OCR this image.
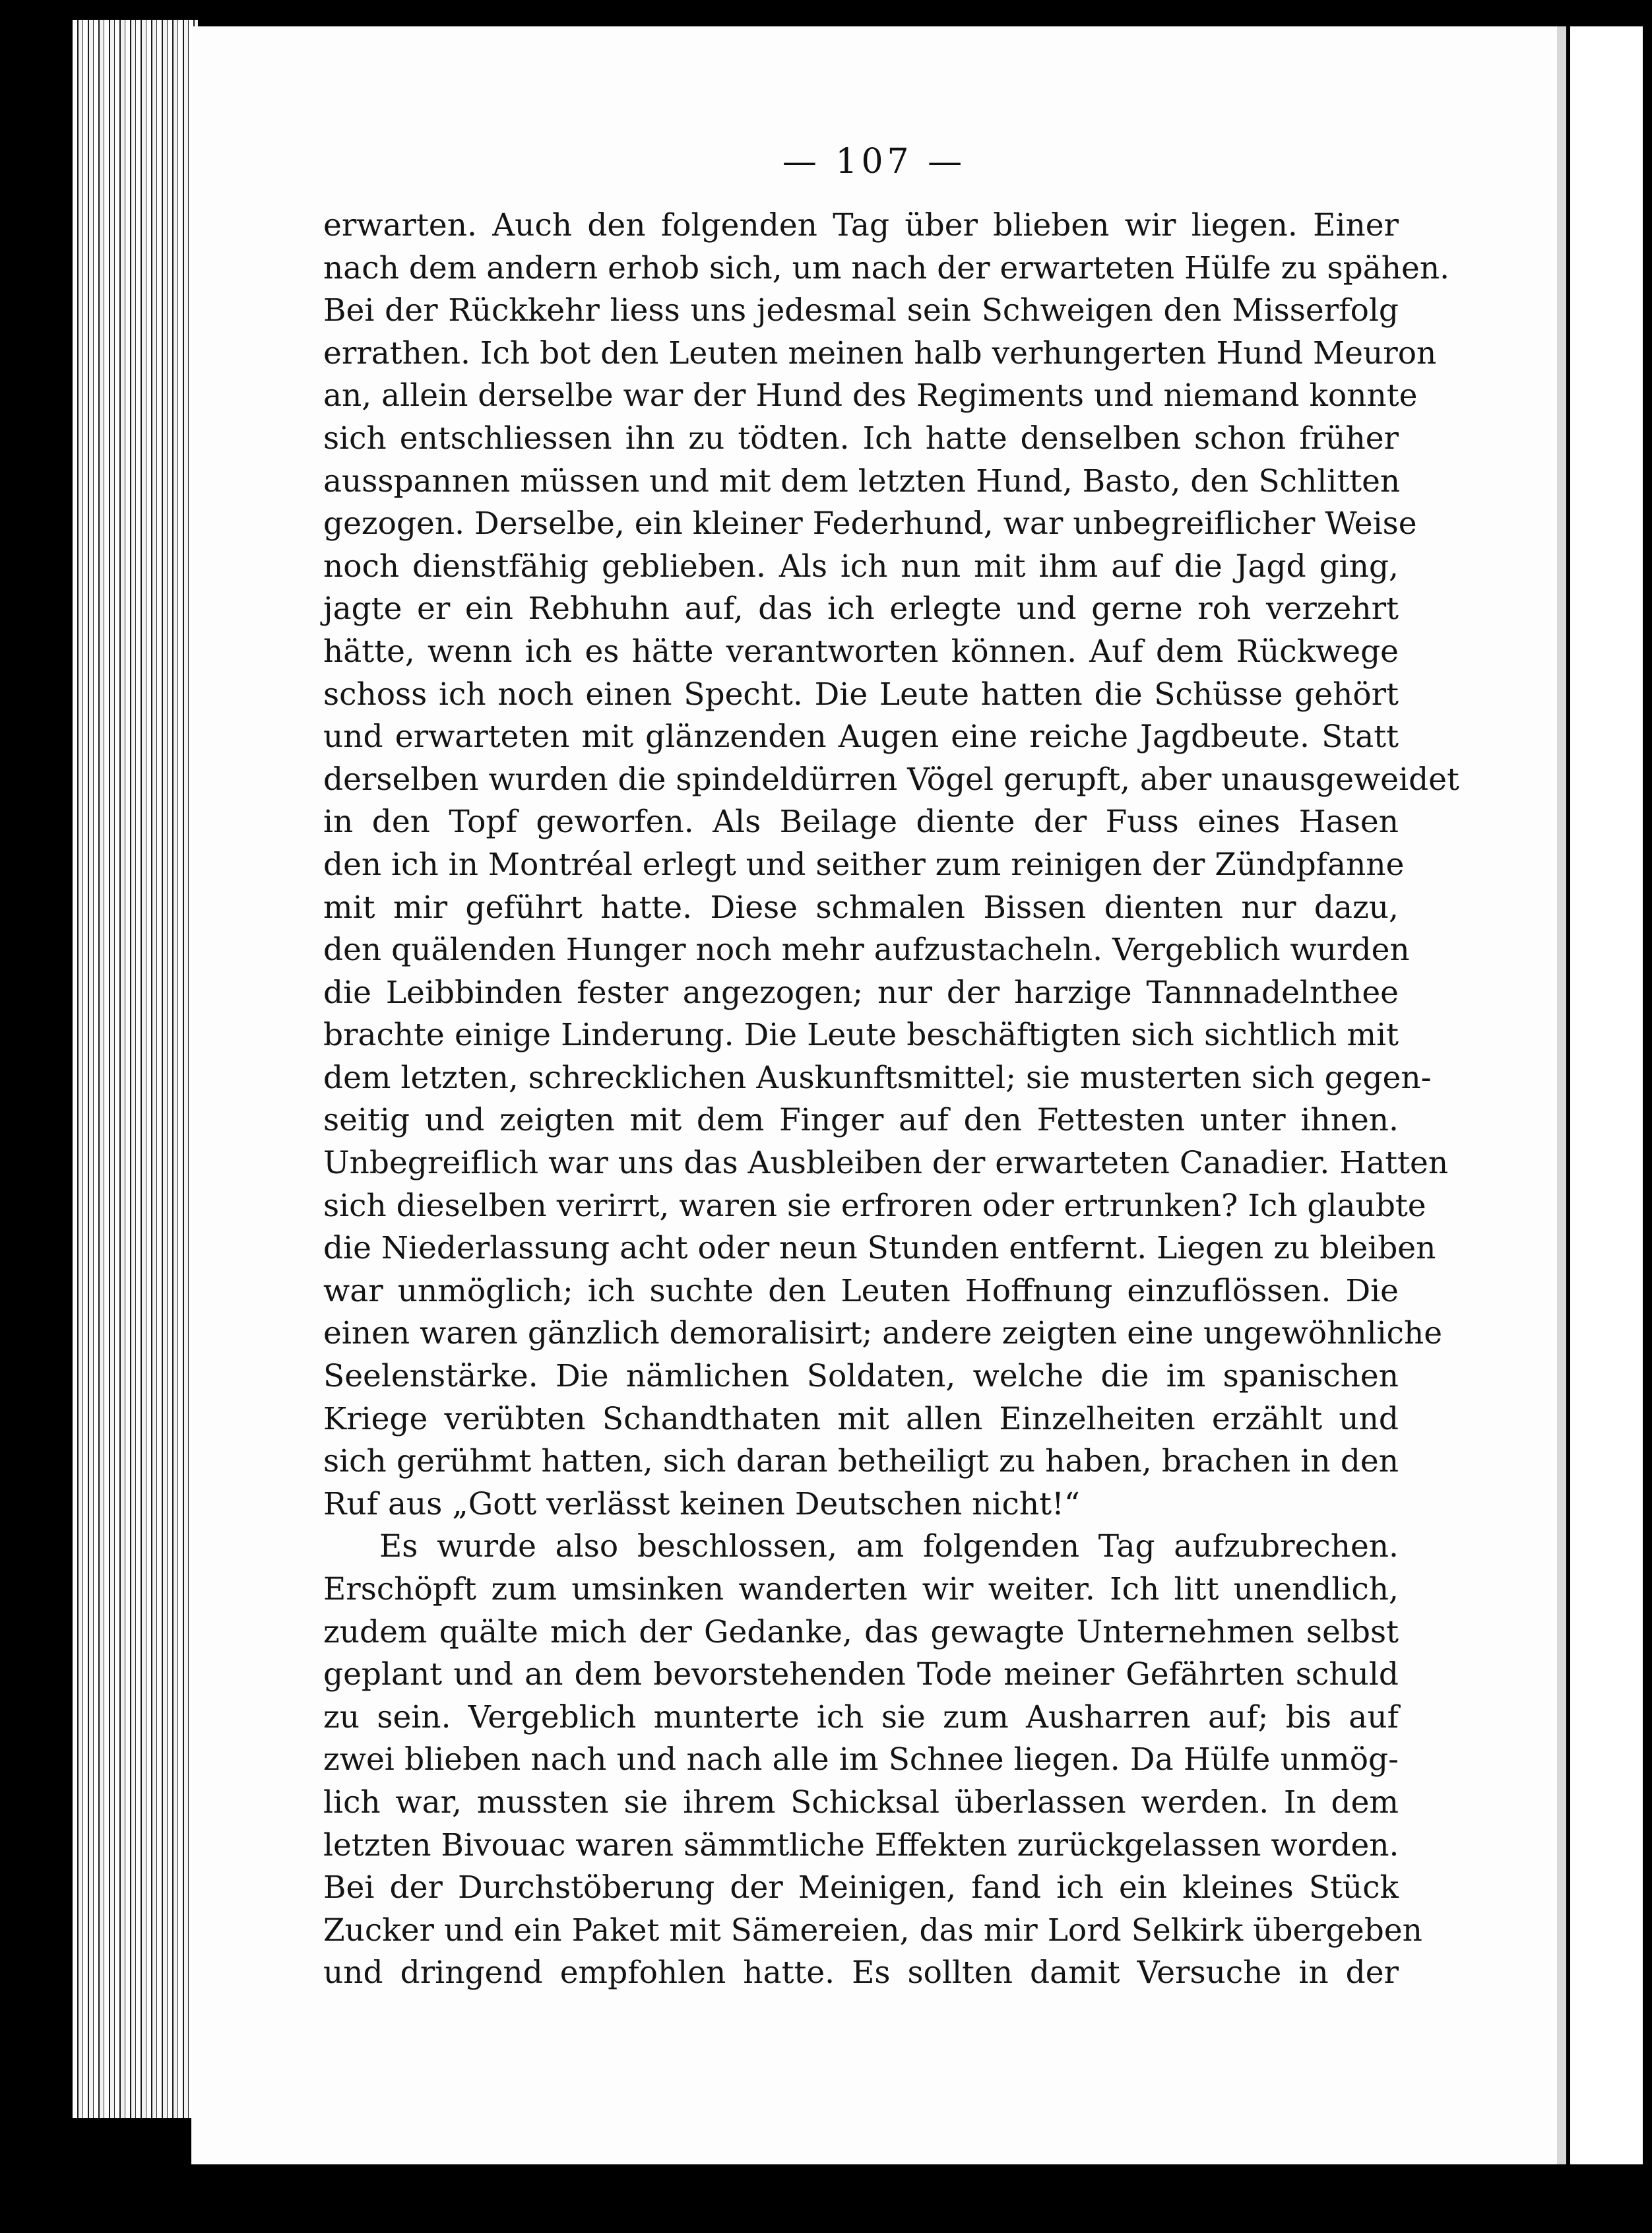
— 107 —
erwarten. Auch den folgenden Tag über blieben wir liegen. Einer
nach dem andern erhob sich, um nach der erwarteten Hülfe zu spähen.
Bei der Rückkehr liess uns jedesmal sein Schweigen den Misserfolg
errathen. Ich bot den Leuten meinen halb verhungerten Hund Meuron
an, allein derselbe war der Hund des Regiments und niemand konnte
sich entschliessen ihn zu tödten. Ich hatte denselben schon früher
ausspannen müssen und mit dem letzten Hund, Basto, den Schlitten
gezogen. Derselbe, ein kleiner Federhund, war unbegreiflicher Weise
noch dienstfähig geblieben. Als ich nun mit ihm auf die Jagd ging,
jagte er ein Rebhuhn auf, das ich erlegte und gerne roh verzehrt
hätte, wenn ich es hätte verantworten können. Auf dem Rückwege
schoss ich noch einen Specht. Die Leute hatten die Schüsse gehört
und erwarteten mit glänzenden Augen eine reiche Jagdbeute. Statt
derselben wurden die spindeldürren Vögel gerupft, aber unausgeweidet
in den Topf geworfen. Als Beilage diente der Fuss eines Hasen
den ich in Montréal erlegt und seither zum reinigen der Zündpfanne
mit mir geführt hatte. Diese schmalen Bissen dienten nur dazu,
den quälenden Hunger noch mehr aufzustacheln. Vergeblich wurden
die Leibbinden fester angezogen; nur der harzige Tannnadelnthee
brachte einige Linderung. Die Leute beschäftigten sich sichtlich mit
dem letzten, schrecklichen Auskunftsmittel; sie musterten sich gegen-
seitig und zeigten mit dem Finger auf den Fettesten unter ihnen.
Unbegreiflich war uns das Ausbleiben der erwarteten Canadier. Hatten
sich dieselben verirrt, waren sie erfroren oder ertrunken? Ich glaubte
die Niederlassung acht oder neun Stunden entfernt. Liegen zu bleiben
war unmöglich; ich suchte den Leuten Hoffnung einzuflössen. Die
einen waren gänzlich demoralisirt; andere zeigten eine ungewöhnliche
Seelenstärke. Die nämlichen Soldaten, welche die im spanischen
Kriege verübten Schandthaten mit allen Einzelheiten erzählt und
sich gerühmt hatten, sich daran betheiligt zu haben, brachen in den
Ruf aus „Gott verlässt keinen Deutschen nicht!“
Es wurde also beschlossen, am folgenden Tag aufzubrechen.
Erschöpft zum umsinken wanderten wir weiter. Ich litt unendlich,
zudem quälte mich der Gedanke, das gewagte Unternehmen selbst
geplant und an dem bevorstehenden Tode meiner Gefährten schuld
zu sein. Vergeblich munterte ich sie zum Ausharren auf; bis auf
zwei blieben nach und nach alle im Schnee liegen. Da Hülfe unmög-
lich war, mussten sie ihrem Schicksal überlassen werden. In dem
letzten Bivouac waren sämmtliche Effekten zurückgelassen worden.
Bei der Durchstöberung der Meinigen, fand ich ein kleines Stück
Zucker und ein Paket mit Sämereien, das mir Lord Selkirk übergeben
und dringend empfohlen hatte. Es sollten damit Versuche in der
